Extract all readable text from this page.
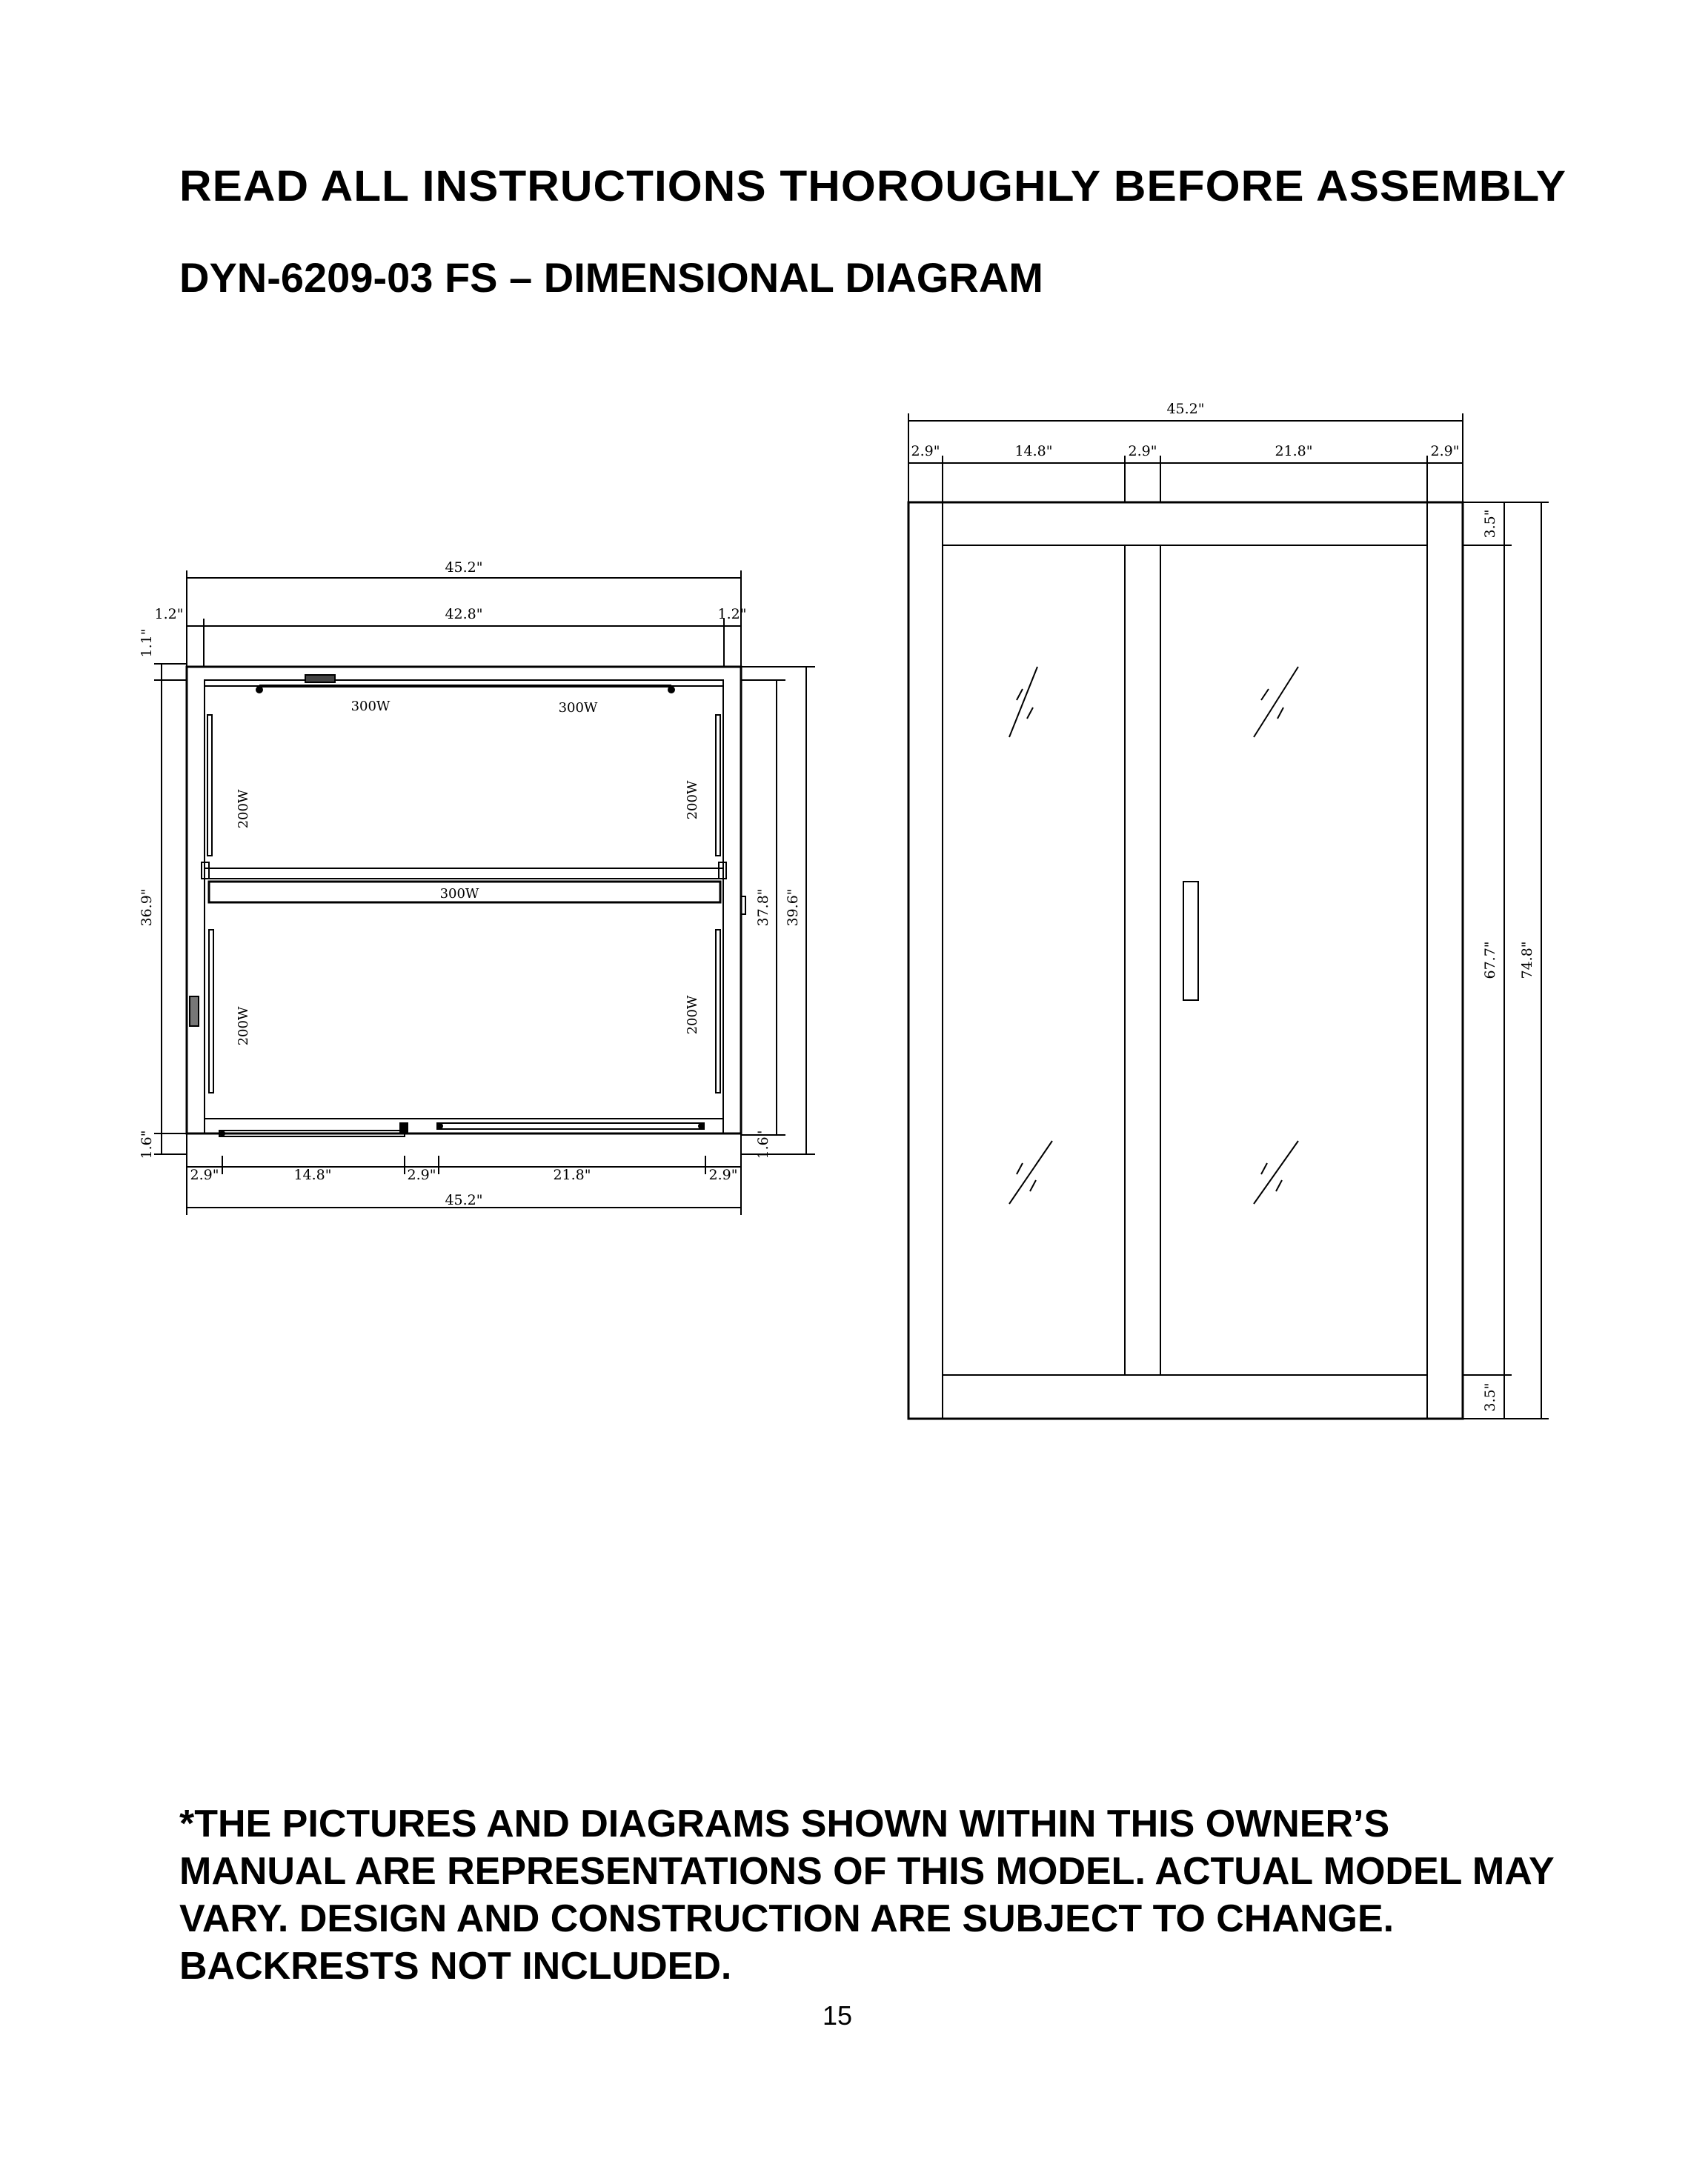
READ ALL INSTRUCTIONS THOROUGHLY BEFORE ASSEMBLY
DYN-6209-03 FS – DIMENSIONAL DIAGRAM
45.2"
1.2"	42.8"	1.2"
1.1"
36.9"
1.6"
37.8" 39.6"
1.6"
300W	300W
300W
200W	200W
200W	200W
2.9"	14.8"	2.9"	21.8"	2.9"
45.2"
45.2"
2.9"	14.8"	2.9"	21.8"	2.9"
3.5"
67.7" 74.8"
3.5"

*THE PICTURES AND DIAGRAMS SHOWN WITHIN THIS OWNER’S MANUAL ARE REPRESENTATIONS OF THIS MODEL. ACTUAL MODEL MAY VARY. DESIGN AND CONSTRUCTION ARE SUBJECT TO CHANGE. BACKRESTS NOT INCLUDED.

15
